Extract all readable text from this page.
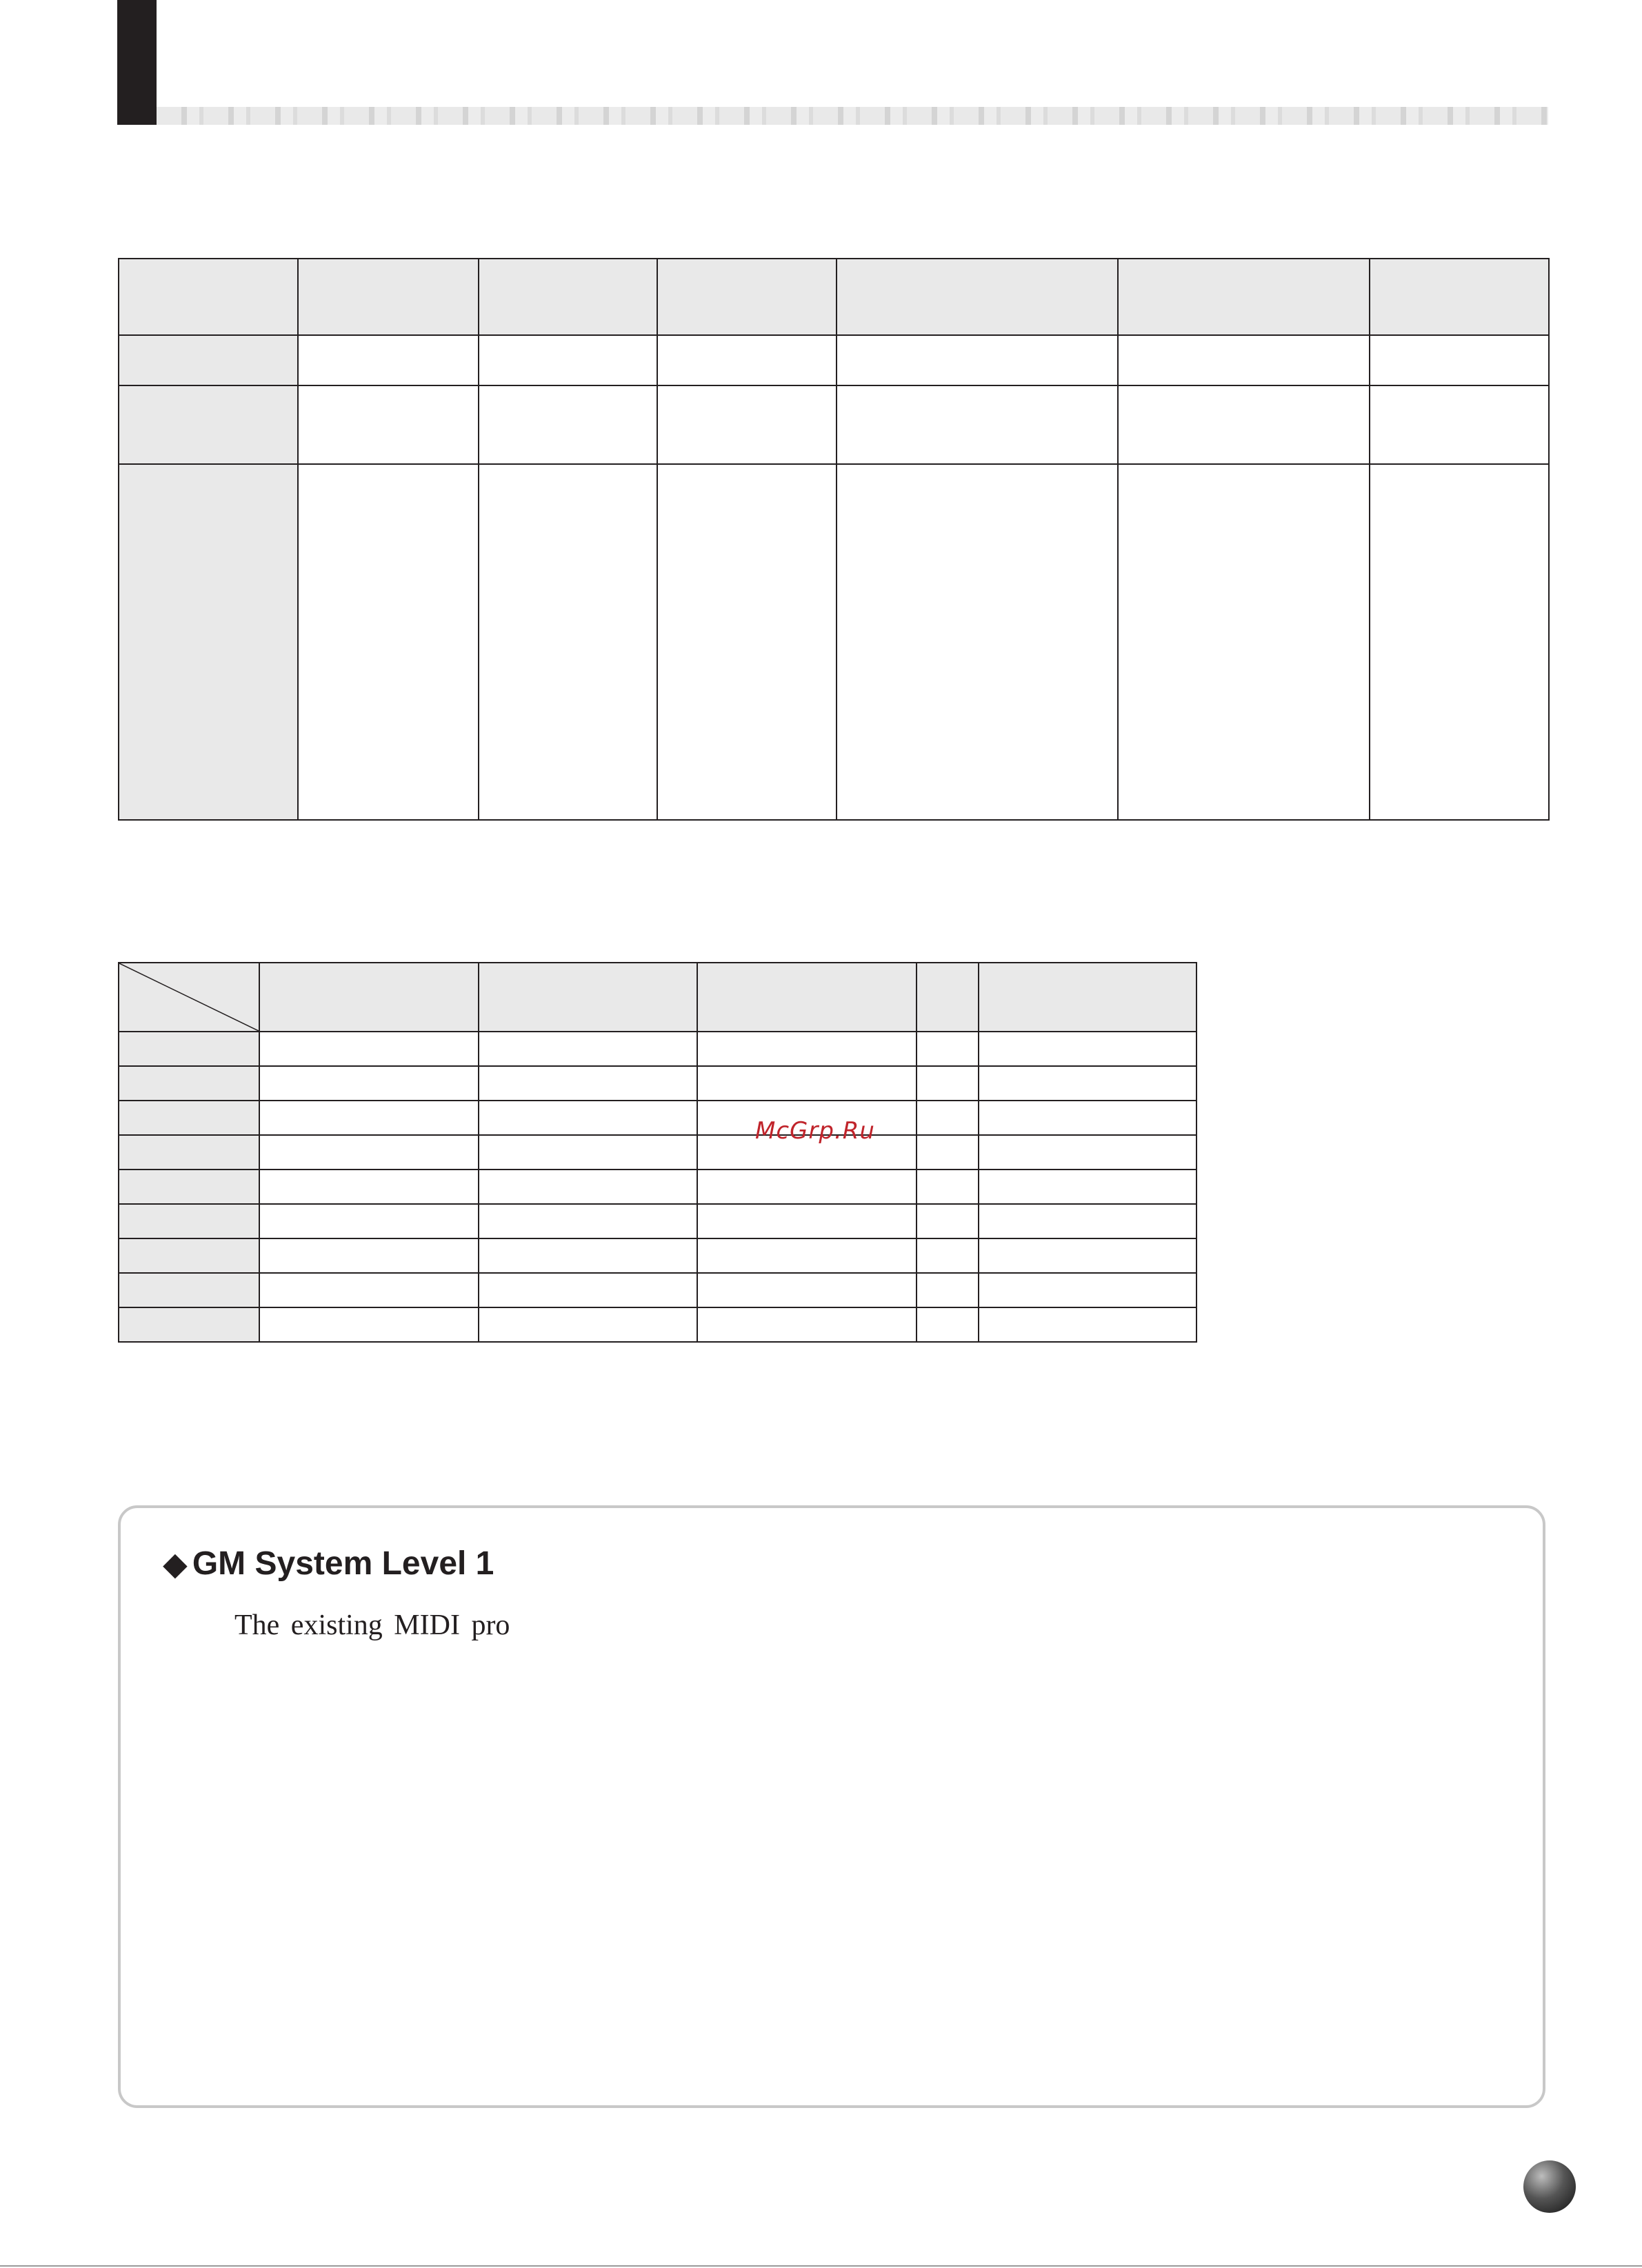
McGrp.Ru
◆ GM System Level 1

The existing MIDI pro
